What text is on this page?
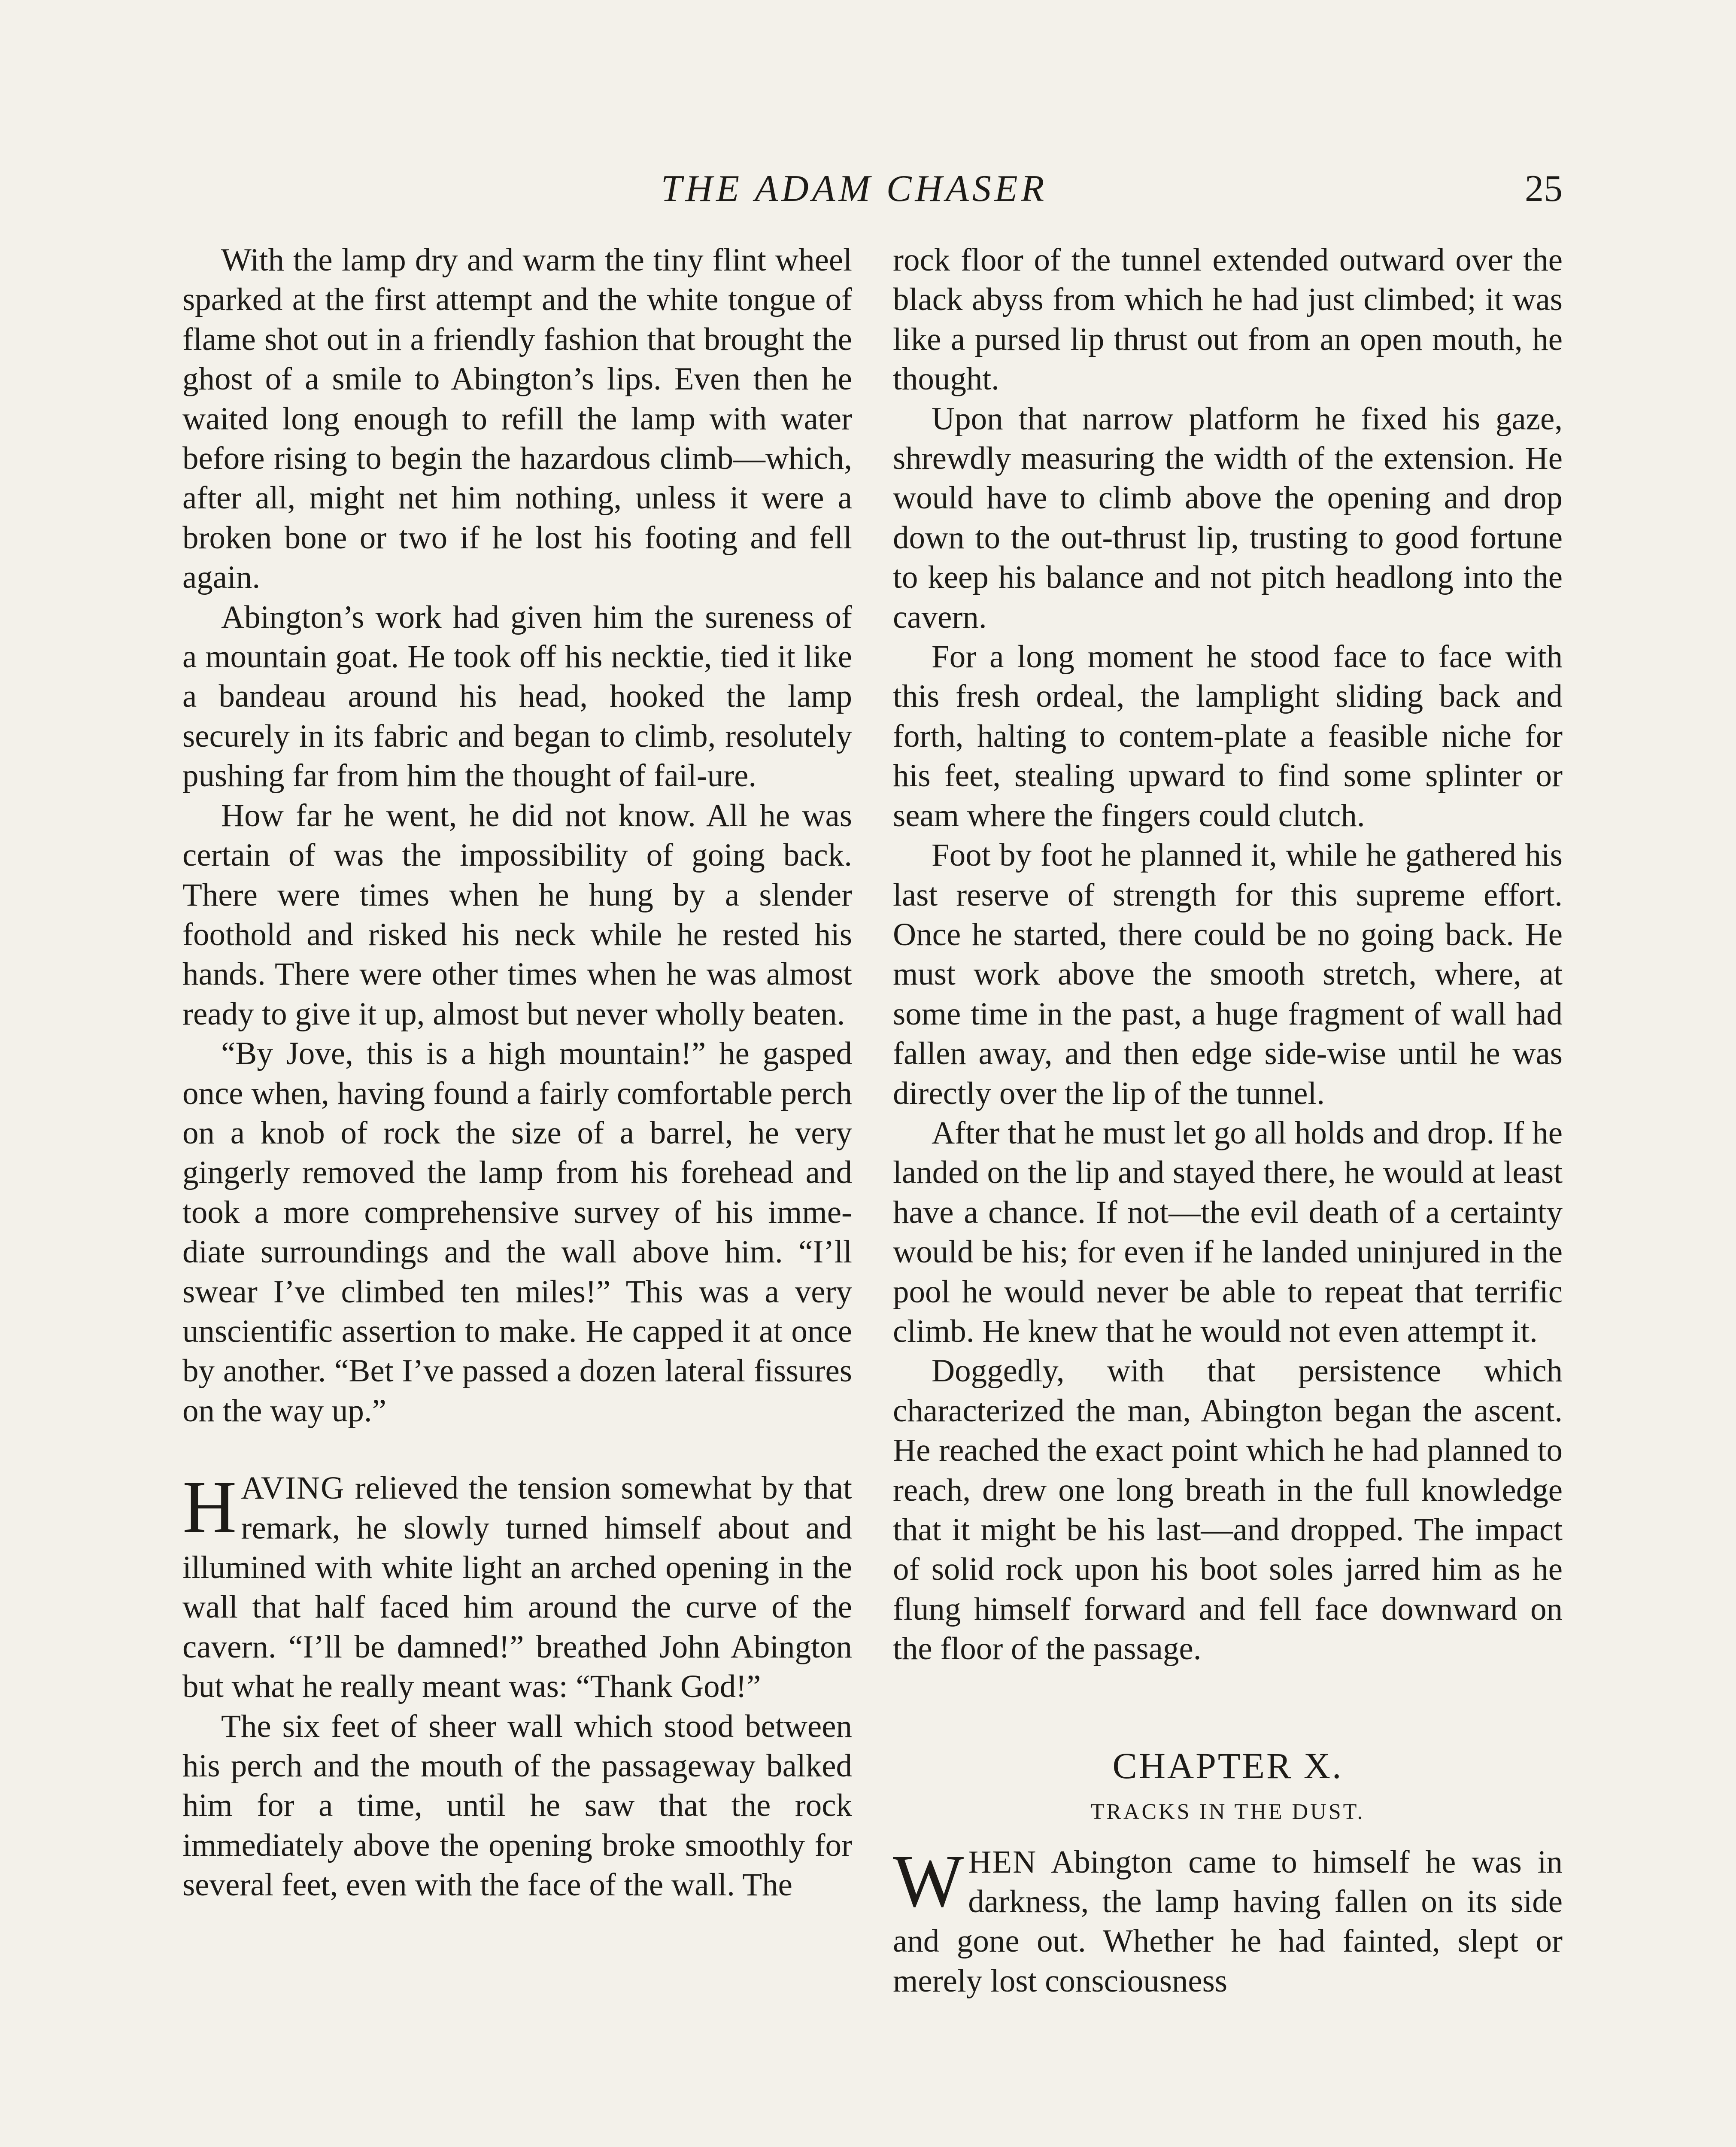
THE ADAM CHASER	25

With the lamp dry and warm the tiny flint wheel sparked at the first attempt and the white tongue of flame shot out in a friendly fashion that brought the ghost of a smile to Abington’s lips. Even then he waited long enough to refill the lamp with water before rising to begin the hazardous climb—which, after all, might net him nothing, unless it were a broken bone or two if he lost his footing and fell again.

Abington’s work had given him the sureness of a mountain goat. He took off his necktie, tied it like a bandeau around his head, hooked the lamp securely in its fabric and began to climb, resolutely pushing far from him the thought of fail-ure.

How far he went, he did not know. All he was certain of was the impossibility of going back. There were times when he hung by a slender foothold and risked his neck while he rested his hands. There were other times when he was almost ready to give it up, almost but never wholly beaten.

“By Jove, this is a high mountain!” he gasped once when, having found a fairly comfortable perch on a knob of rock the size of a barrel, he very gingerly removed the lamp from his forehead and took a more comprehensive survey of his imme-diate surroundings and the wall above him. “I’ll swear I’ve climbed ten miles!” This was a very unscientific assertion to make. He capped it at once by another. “Bet I’ve passed a dozen lateral fissures on the way up.”

HAVING relieved the tension somewhat by that remark, he slowly turned himself about and illumined with white light an arched opening in the wall that half faced him around the curve of the cavern. “I’ll be damned!” breathed John Abington but what he really meant was: “Thank God!”

The six feet of sheer wall which stood between his perch and the mouth of the passageway balked him for a time, until he saw that the rock immediately above the opening broke smoothly for several feet, even with the face of the wall. The

rock floor of the tunnel extended outward over the black abyss from which he had just climbed; it was like a pursed lip thrust out from an open mouth, he thought.

Upon that narrow platform he fixed his gaze, shrewdly measuring the width of the extension. He would have to climb above the opening and drop down to the out-thrust lip, trusting to good fortune to keep his balance and not pitch headlong into the cavern.

For a long moment he stood face to face with this fresh ordeal, the lamplight sliding back and forth, halting to contem-plate a feasible niche for his feet, stealing upward to find some splinter or seam where the fingers could clutch.

Foot by foot he planned it, while he gathered his last reserve of strength for this supreme effort. Once he started, there could be no going back. He must work above the smooth stretch, where, at some time in the past, a huge fragment of wall had fallen away, and then edge side-wise until he was directly over the lip of the tunnel.

After that he must let go all holds and drop. If he landed on the lip and stayed there, he would at least have a chance. If not—the evil death of a certainty would be his; for even if he landed uninjured in the pool he would never be able to repeat that terrific climb. He knew that he would not even attempt it.

Doggedly, with that persistence which characterized the man, Abington began the ascent. He reached the exact point which he had planned to reach, drew one long breath in the full knowledge that it might be his last—and dropped. The impact of solid rock upon his boot soles jarred him as he flung himself forward and fell face downward on the floor of the passage.

CHAPTER X.
TRACKS IN THE DUST.

WHEN Abington came to himself he was in darkness, the lamp having fallen on its side and gone out. Whether he had fainted, slept or merely lost consciousness
